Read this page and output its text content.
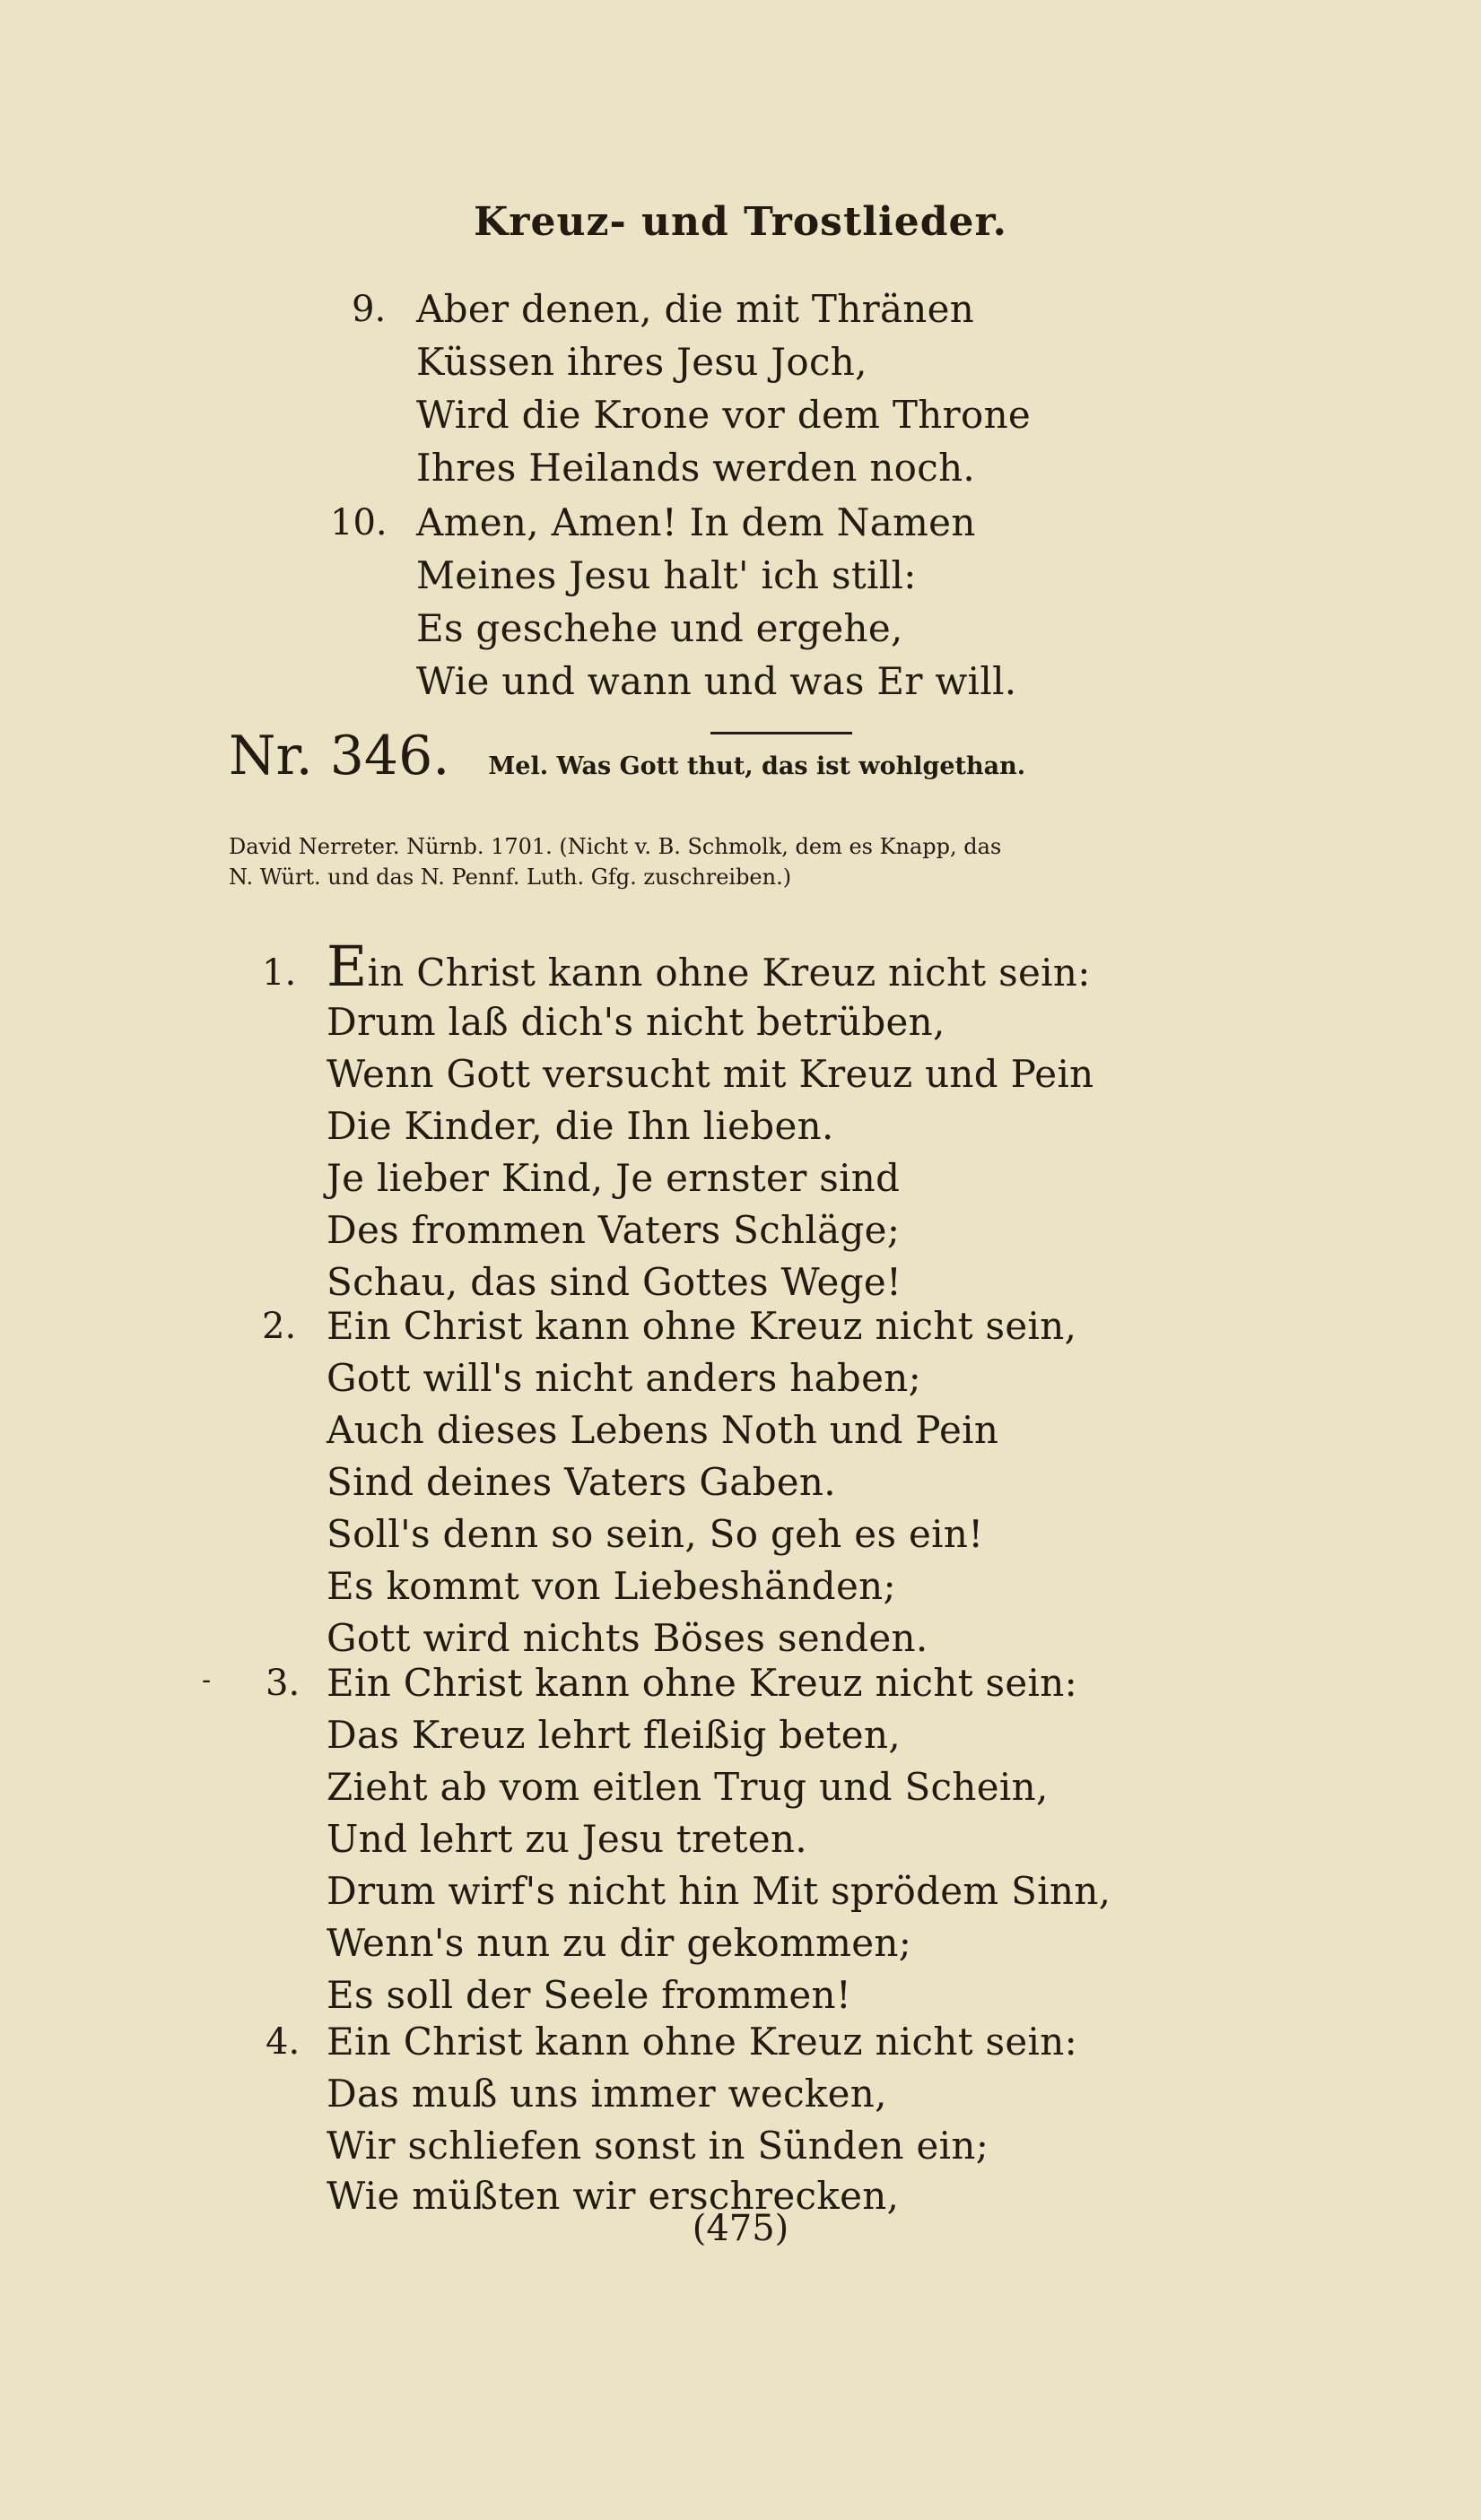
Kreuz- und Trostlieder.
9. Aber denen, die mit Thränen
Küssen ihres Jesu Joch,
Wird die Krone vor dem Throne
Ihres Heilands werden noch.
10. Amen, Amen! In dem Namen
Meines Jesu halt' ich still:
Es geschehe und ergehe,
Wie und wann und was Er will.
Nr. 346. Mel. Was Gott thut, das ist wohlgethan.
David Nerreter. Nürnb. 1701. (Nicht v. B. Schmolk, dem es Knapp, das
N. Würt. und das N. Pennf. Luth. Gfg. zuschreiben.)
1. Ein Christ kann ohne Kreuz nicht sein:
Drum laß dich's nicht betrüben,
Wenn Gott versucht mit Kreuz und Pein
Die Kinder, die Ihn lieben.
Je lieber Kind, Je ernster sind
Des frommen Vaters Schläge;
Schau, das sind Gottes Wege!
2. Ein Christ kann ohne Kreuz nicht sein,
Gott will's nicht anders haben;
Auch dieses Lebens Noth und Pein
Sind deines Vaters Gaben.
Soll's denn so sein, So geh es ein!
Es kommt von Liebeshänden;
Gott wird nichts Böses senden.
- 3. Ein Christ kann ohne Kreuz nicht sein:
Das Kreuz lehrt fleißig beten,
Zieht ab vom eitlen Trug und Schein,
Und lehrt zu Jesu treten.
Drum wirf's nicht hin Mit sprödem Sinn,
Wenn's nun zu dir gekommen;
Es soll der Seele frommen!
4. Ein Christ kann ohne Kreuz nicht sein:
Das muß uns immer wecken,
Wir schliefen sonst in Sünden ein;
Wie müßten wir erschrecken,
(475)
